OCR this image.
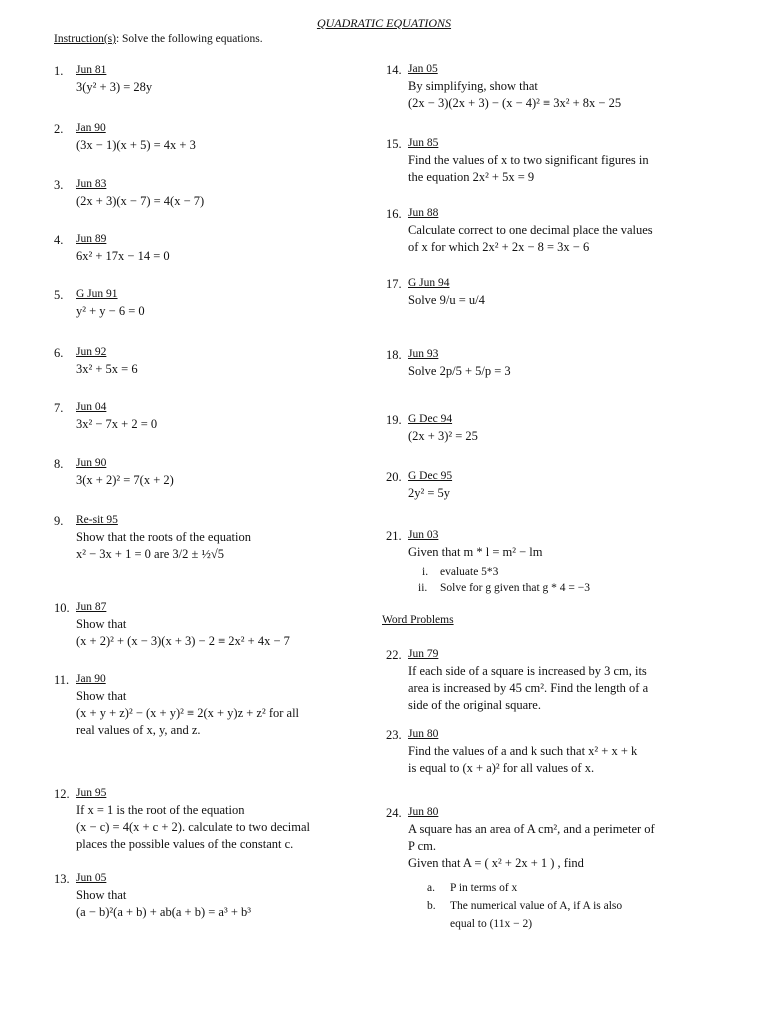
QUADRATIC EQUATIONS
Instruction(s): Solve the following equations.
1. Jun 81
3(y² + 3) = 28y
2. Jan 90
(3x − 1)(x + 5) = 4x + 3
3. Jun 83
(2x + 3)(x − 7) = 4(x − 7)
4. Jun 89
6x² + 17x − 14 = 0
5. G Jun 91
y² + y − 6 = 0
6. Jun 92
3x² + 5x = 6
7. Jun 04
3x² − 7x + 2 = 0
8. Jun 90
3(x + 2)² = 7(x + 2)
9. Re-sit 95
Show that the roots of the equation
x² − 3x + 1 = 0 are 3/2 ± ½√5
10. Jun 87
Show that
(x + 2)² + (x − 3)(x + 3) − 2 ≡ 2x² + 4x − 7
11. Jan 90
Show that
(x + y + z)² − (x + y)² ≡ 2(x + y)z + z² for all
real values of x, y, and z.
12. Jun 95
If x = 1 is the root of the equation
(x − c) = 4(x + c + 2). calculate to two decimal
places the possible values of the constant c.
13. Jun 05
Show that
(a − b)²(a + b) + ab(a + b) = a³ + b³
14. Jan 05
By simplifying, show that
(2x − 3)(2x + 3) − (x − 4)² ≡ 3x² + 8x − 25
15. Jun 85
Find the values of x to two significant figures in
the equation 2x² + 5x = 9
16. Jun 88
Calculate correct to one decimal place the values
of x for which 2x² + 2x − 8 = 3x − 6
17. G Jun 94
Solve 9/u = u/4
18. Jun 93
Solve 2p/5 + 5/p = 3
19. G Dec 94
(2x + 3)² = 25
20. G Dec 95
2y² = 5y
21. Jun 03
Given that m * l = m² − lm
22. Jun 79
If each side of a square is increased by 3 cm, its
area is increased by 45 cm². Find the length of a
side of the original square.
23. Jun 80
Find the values of a and k such that x² + x + k
is equal to (x + a)² for all values of x.
24. Jun 80
A square has an area of A cm², and a perimeter of
P cm.
Given that A = ( x² + 2x + 1 ) , find
Word Problems
i. evaluate 5*3
ii. Solve for g given that g * 4 = −3
a. P in terms of x
b. The numerical value of A, if A is also
equal to (11x − 2)
